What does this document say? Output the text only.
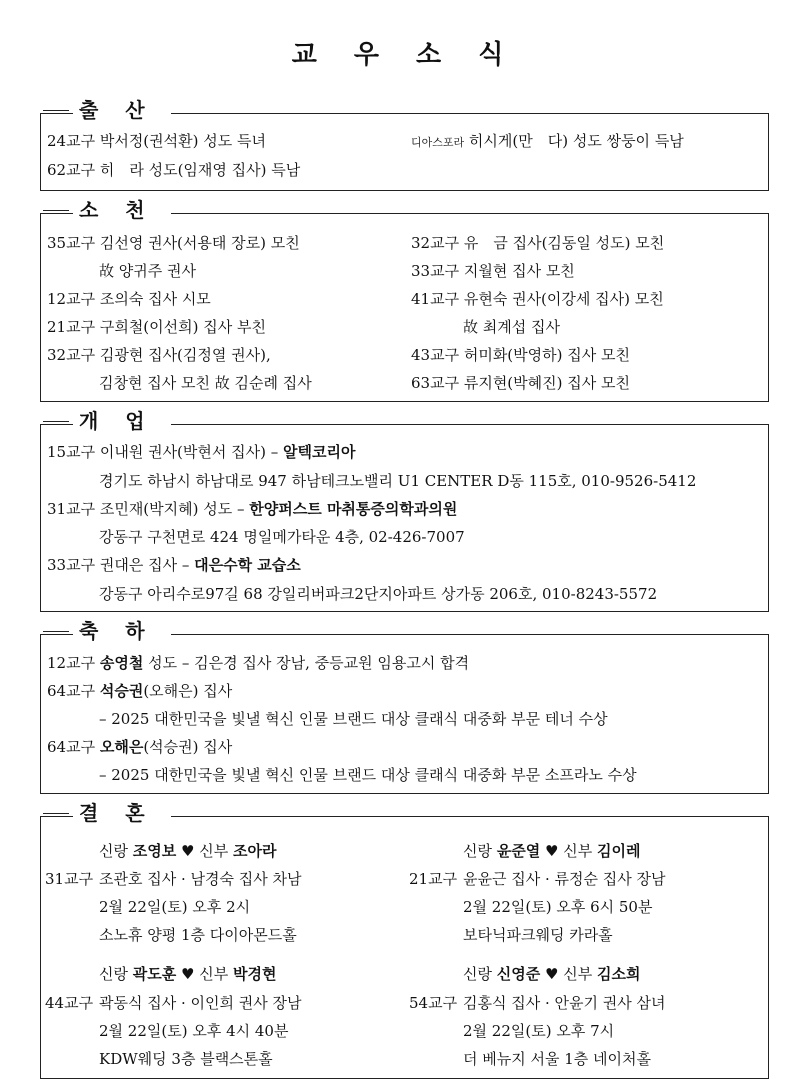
교 우 소 식
출 산
24교구 박서정(권석환) 성도 득녀	디아스포라 히시게(만　다) 성도 쌍둥이 득남
62교구 히　라 성도(임재영 집사) 득남
소 천
35교구 김선영 권사(서용태 장로) 모친
故 양귀주 권사
12교구 조의숙 집사 시모
21교구 구희철(이선희) 집사 부친
32교구 김광현 집사(김정열 권사),
김창현 집사 모친 故 김순례 집사
32교구 유　금 집사(김동일 성도) 모친
33교구 지월현 집사 모친
41교구 유현숙 권사(이강세 집사) 모친
故 최계섭 집사
43교구 허미화(박영하) 집사 모친
63교구 류지현(박혜진) 집사 모친
개 업
15교구 이내원 권사(박현서 집사) – 알텍코리아
경기도 하남시 하남대로 947 하남테크노밸리 U1 CENTER D동 115호, 010-9526-5412
31교구 조민재(박지혜) 성도 – 한양퍼스트 마취통증의학과의원
강동구 구천면로 424 명일메가타운 4층, 02-426-7007
33교구 권대은 집사 – 대은수학 교습소
강동구 아리수로97길 68 강일리버파크2단지아파트 상가동 206호, 010-8243-5572
축 하
12교구 송영철 성도 – 김은경 집사 장남, 중등교원 임용고시 합격
64교구 석승권(오해은) 집사
– 2025 대한민국을 빛낼 혁신 인물 브랜드 대상 클래식 대중화 부문 테너 수상
64교구 오해은(석승권) 집사
– 2025 대한민국을 빛낼 혁신 인물 브랜드 대상 클래식 대중화 부문 소프라노 수상
결 혼
신랑 조영보 ♥ 신부 조아라
31교구 조관호 집사 · 남경숙 집사 차남
2월 22일(토) 오후 2시
소노휴 양평 1층 다이아몬드홀
신랑 윤준열 ♥ 신부 김이레
21교구 윤윤근 집사 · 류정순 집사 장남
2월 22일(토) 오후 6시 50분
보타닉파크웨딩 카라홀
신랑 곽도훈 ♥ 신부 박경현
44교구 곽동식 집사 · 이인희 권사 장남
2월 22일(토) 오후 4시 40분
KDW웨딩 3층 블랙스톤홀
신랑 신영준 ♥ 신부 김소희
54교구 김홍식 집사 · 안윤기 권사 삼녀
2월 22일(토) 오후 7시
더 베뉴지 서울 1층 네이처홀
